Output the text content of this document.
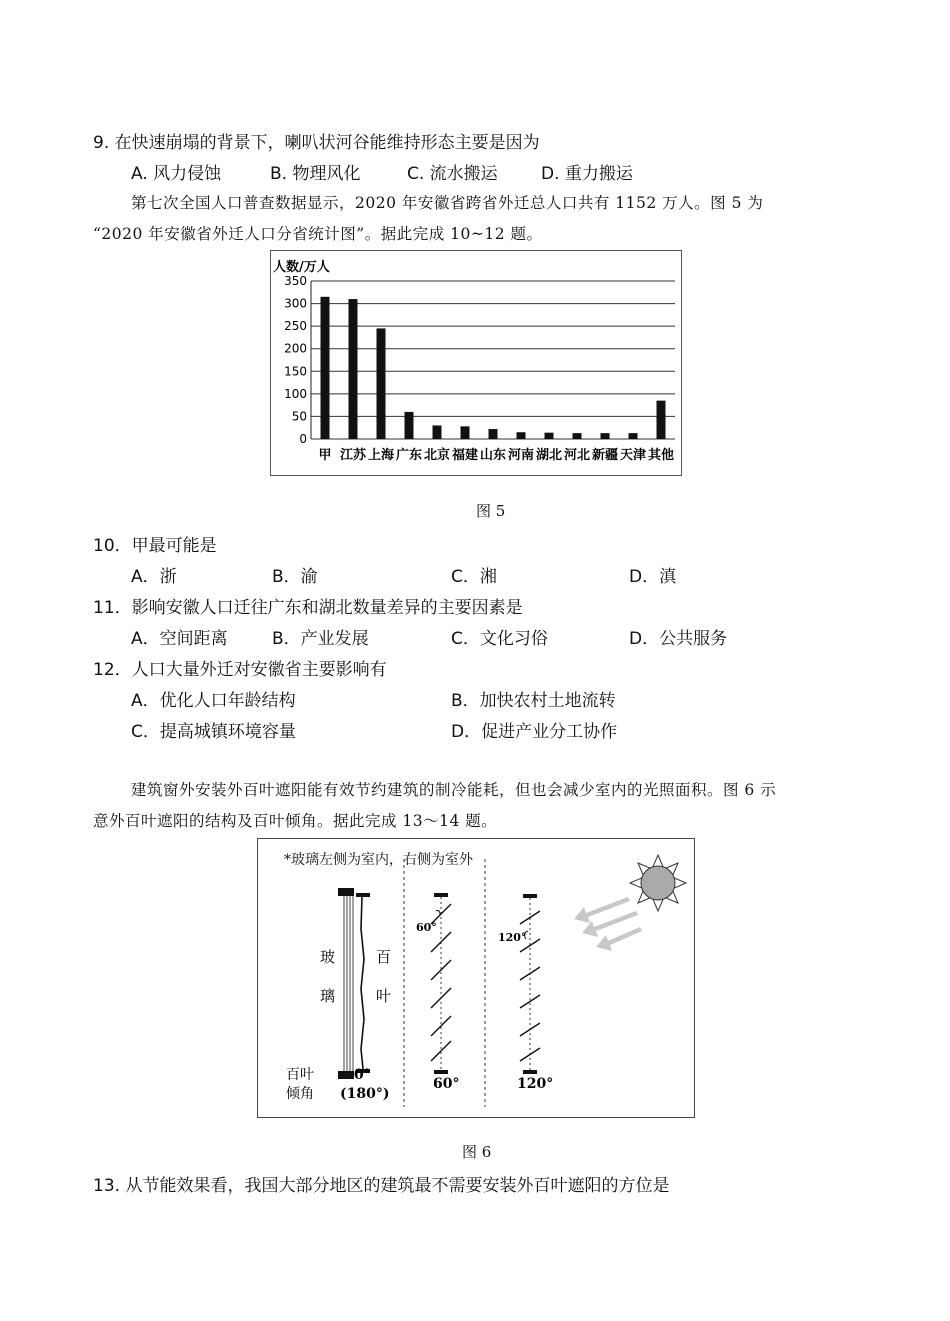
9. 在快速崩塌的背景下，喇叭状河谷能维持形态主要是因为
A. 风力侵蚀	B. 物理风化	C. 流水搬运	D. 重力搬运
第七次全国人口普查数据显示，2020 年安徽省跨省外迁总人口共有 1152 万人。图 5 为
“2020 年安徽省外迁人口分省统计图”。据此完成 10~12 题。
人数/万人
0
50
100
150
200
250
300
350
甲 江苏 上海 广东 北京 福建 山东 河南 湖北 河北 新疆 天津 其他
图 5
10．甲最可能是
A．浙	B．渝	C．湘	D．滇
11．影响安徽人口迁往广东和湖北数量差异的主要因素是
A．空间距离	B．产业发展	C．文化习俗	D．公共服务
12．人口大量外迁对安徽省主要影响有
A．优化人口年龄结构	B．加快农村土地流转
C．提高城镇环境容量	D．促进产业分工协作
建筑窗外安装外百叶遮阳能有效节约建筑的制冷能耗，但也会减少室内的光照面积。图 6 示
意外百叶遮阳的结构及百叶倾角。据此完成 13～14 题。
*玻璃左侧为室内，右侧为室外
玻
璃
百
叶
百叶
倾角
0°
(180°)
60°
60°
120°
120°
图 6
13. 从节能效果看，我国大部分地区的建筑最不需要安装外百叶遮阳的方位是
